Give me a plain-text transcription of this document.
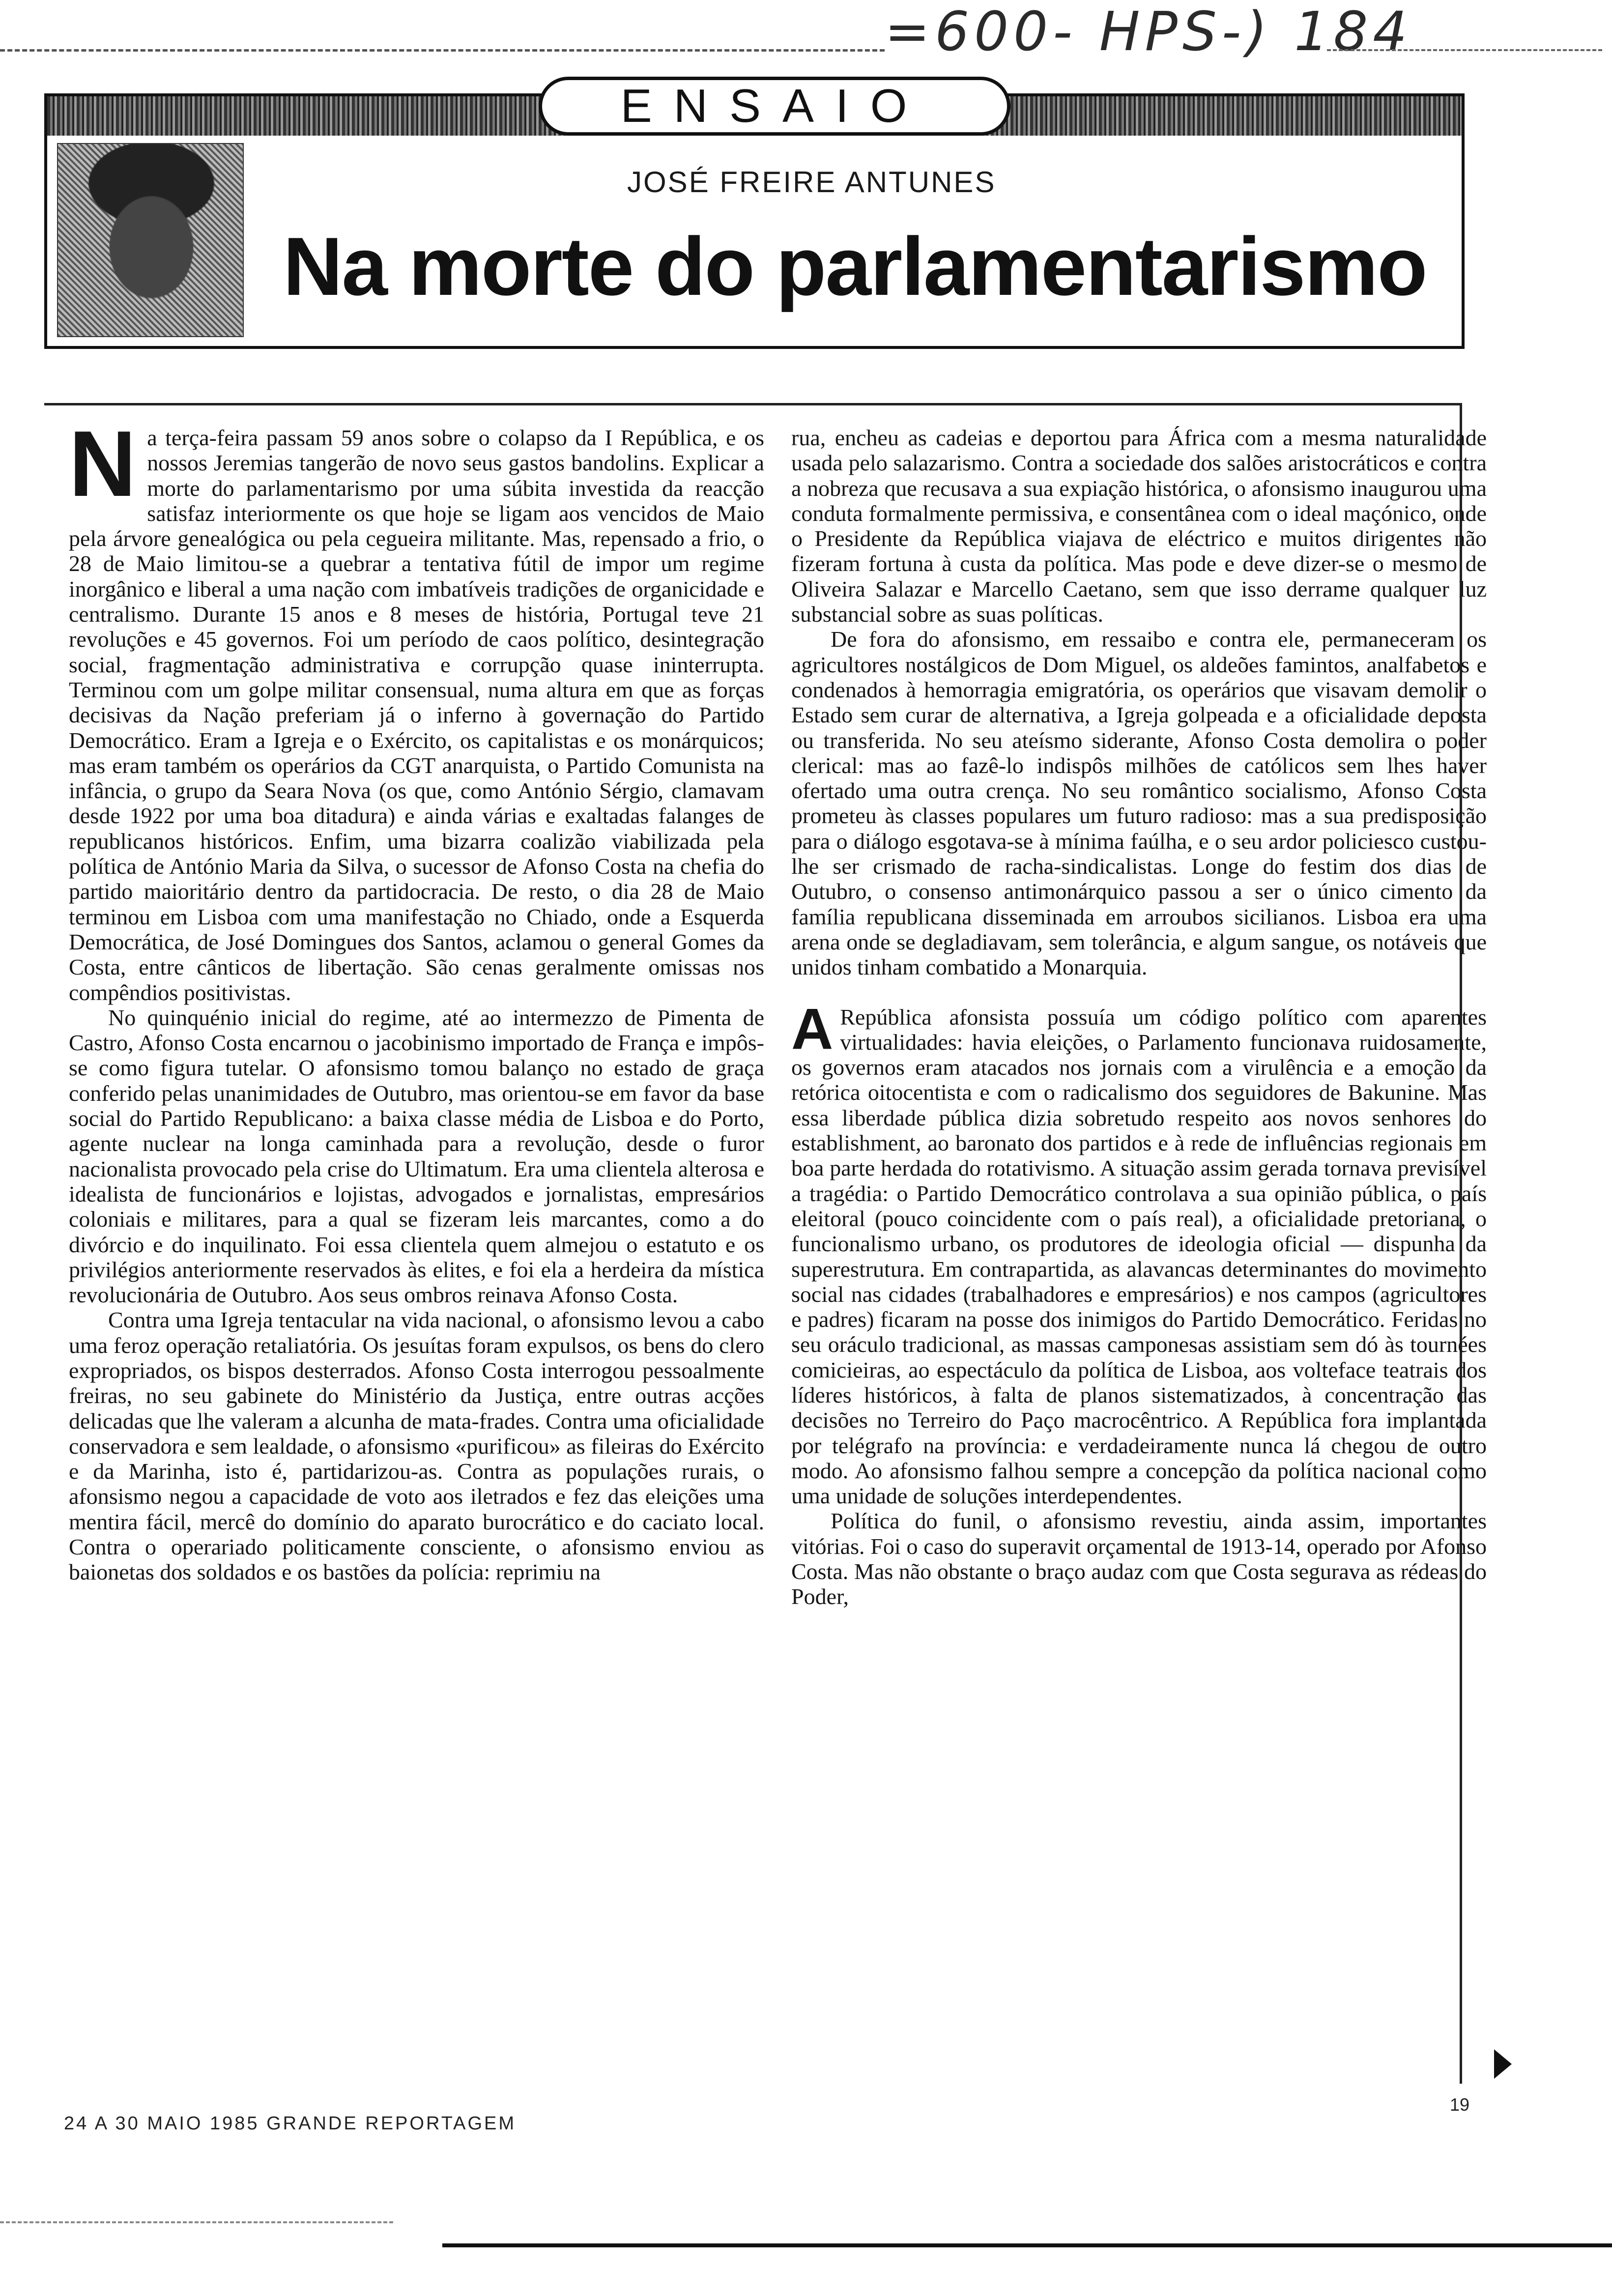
=600- HPS-) 184
ENSAIO
JOSÉ FREIRE ANTUNES
Na morte do parlamentarismo

Na terça-feira passam 59 anos sobre o colapso da I República, e os nossos Jeremias tangerão de novo seus gastos bandolins. Explicar a morte do parlamentarismo por uma súbita investida da reacção satisfaz interiormente os que hoje se ligam aos vencidos de Maio pela árvore genealógica ou pela cegueira militante. Mas, repensado a frio, o 28 de Maio limitou-se a quebrar a tentativa fútil de impor um regime inorgânico e liberal a uma nação com imbatíveis tradições de organicidade e centralismo. Durante 15 anos e 8 meses de história, Portugal teve 21 revoluções e 45 governos. Foi um período de caos político, desintegração social, fragmentação administrativa e corrupção quase ininterrupta. Terminou com um golpe militar consensual, numa altura em que as forças decisivas da Nação preferiam já o inferno à governação do Partido Democrático. Eram a Igreja e o Exército, os capitalistas e os monárquicos; mas eram também os operários da CGT anarquista, o Partido Comunista na infância, o grupo da Seara Nova (os que, como António Sérgio, clamavam desde 1922 por uma boa ditadura) e ainda várias e exaltadas falanges de republicanos históricos. Enfim, uma bizarra coalizão viabilizada pela política de António Maria da Silva, o sucessor de Afonso Costa na chefia do partido maioritário dentro da partidocracia. De resto, o dia 28 de Maio terminou em Lisboa com uma manifestação no Chiado, onde a Esquerda Democrática, de José Domingues dos Santos, aclamou o general Gomes da Costa, entre cânticos de libertação. São cenas geralmente omissas nos compêndios positivistas.

No quinquénio inicial do regime, até ao intermezzo de Pimenta de Castro, Afonso Costa encarnou o jacobinismo importado de França e impôs-se como figura tutelar. O afonsismo tomou balanço no estado de graça conferido pelas unanimidades de Outubro, mas orientou-se em favor da base social do Partido Republicano: a baixa classe média de Lisboa e do Porto, agente nuclear na longa caminhada para a revolução, desde o furor nacionalista provocado pela crise do Ultimatum. Era uma clientela alterosa e idealista de funcionários e lojistas, advogados e jornalistas, empresários coloniais e militares, para a qual se fizeram leis marcantes, como a do divórcio e do inquilinato. Foi essa clientela quem almejou o estatuto e os privilégios anteriormente reservados às elites, e foi ela a herdeira da mística revolucionária de Outubro. Aos seus ombros reinava Afonso Costa.

Contra uma Igreja tentacular na vida nacional, o afonsismo levou a cabo uma feroz operação retaliatória. Os jesuítas foram expulsos, os bens do clero expropriados, os bispos desterrados. Afonso Costa interrogou pessoalmente freiras, no seu gabinete do Ministério da Justiça, entre outras acções delicadas que lhe valeram a alcunha de mata-frades. Contra uma oficialidade conservadora e sem lealdade, o afonsismo «purificou» as fileiras do Exército e da Marinha, isto é, partidarizou-as. Contra as populações rurais, o afonsismo negou a capacidade de voto aos iletrados e fez das eleições uma mentira fácil, mercê do domínio do aparato burocrático e do caciato local. Contra o operariado politicamente consciente, o afonsismo enviou as baionetas dos soldados e os bastões da polícia: reprimiu na

rua, encheu as cadeias e deportou para África com a mesma naturalidade usada pelo salazarismo. Contra a sociedade dos salões aristocráticos e contra a nobreza que recusava a sua expiação histórica, o afonsismo inaugurou uma conduta formalmente permissiva, e consentânea com o ideal maçónico, onde o Presidente da República viajava de eléctrico e muitos dirigentes não fizeram fortuna à custa da política. Mas pode e deve dizer-se o mesmo de Oliveira Salazar e Marcello Caetano, sem que isso derrame qualquer luz substancial sobre as suas políticas.

De fora do afonsismo, em ressaibo e contra ele, permaneceram os agricultores nostálgicos de Dom Miguel, os aldeões famintos, analfabetos e condenados à hemorragia emigratória, os operários que visavam demolir o Estado sem curar de alternativa, a Igreja golpeada e a oficialidade deposta ou transferida. No seu ateísmo siderante, Afonso Costa demolira o poder clerical: mas ao fazê-lo indispôs milhões de católicos sem lhes haver ofertado uma outra crença. No seu romântico socialismo, Afonso Costa prometeu às classes populares um futuro radioso: mas a sua predisposição para o diálogo esgotava-se à mínima faúlha, e o seu ardor policiesco custou-lhe ser crismado de racha-sindicalistas. Longe do festim dos dias de Outubro, o consenso antimonárquico passou a ser o único cimento da família republicana disseminada em arroubos sicilianos. Lisboa era uma arena onde se degladiavam, sem tolerância, e algum sangue, os notáveis que unidos tinham combatido a Monarquia.

A República afonsista possuía um código político com aparentes virtualidades: havia eleições, o Parlamento funcionava ruidosamente, os governos eram atacados nos jornais com a virulência e a emoção da retórica oitocentista e com o radicalismo dos seguidores de Bakunine. Mas essa liberdade pública dizia sobretudo respeito aos novos senhores do establishment, ao baronato dos partidos e à rede de influências regionais em boa parte herdada do rotativismo. A situação assim gerada tornava previsível a tragédia: o Partido Democrático controlava a sua opinião pública, o país eleitoral (pouco coincidente com o país real), a oficialidade pretoriana, o funcionalismo urbano, os produtores de ideologia oficial — dispunha da superestrutura. Em contrapartida, as alavancas determinantes do movimento social nas cidades (trabalhadores e empresários) e nos campos (agricultores e padres) ficaram na posse dos inimigos do Partido Democrático. Feridas no seu oráculo tradicional, as massas camponesas assistiam sem dó às tournées comicieiras, ao espectáculo da política de Lisboa, aos volteface teatrais dos líderes históricos, à falta de planos sistematizados, à concentração das decisões no Terreiro do Paço macrocêntrico. A República fora implantada por telégrafo na província: e verdadeiramente nunca lá chegou de outro modo. Ao afonsismo falhou sempre a concepção da política nacional como uma unidade de soluções interdependentes.

Política do funil, o afonsismo revestiu, ainda assim, importantes vitórias. Foi o caso do superavit orçamental de 1913-14, operado por Afonso Costa. Mas não obstante o braço audaz com que Costa segurava as rédeas do Poder,

24 A 30 MAIO 1985 GRANDE REPORTAGEM
19
